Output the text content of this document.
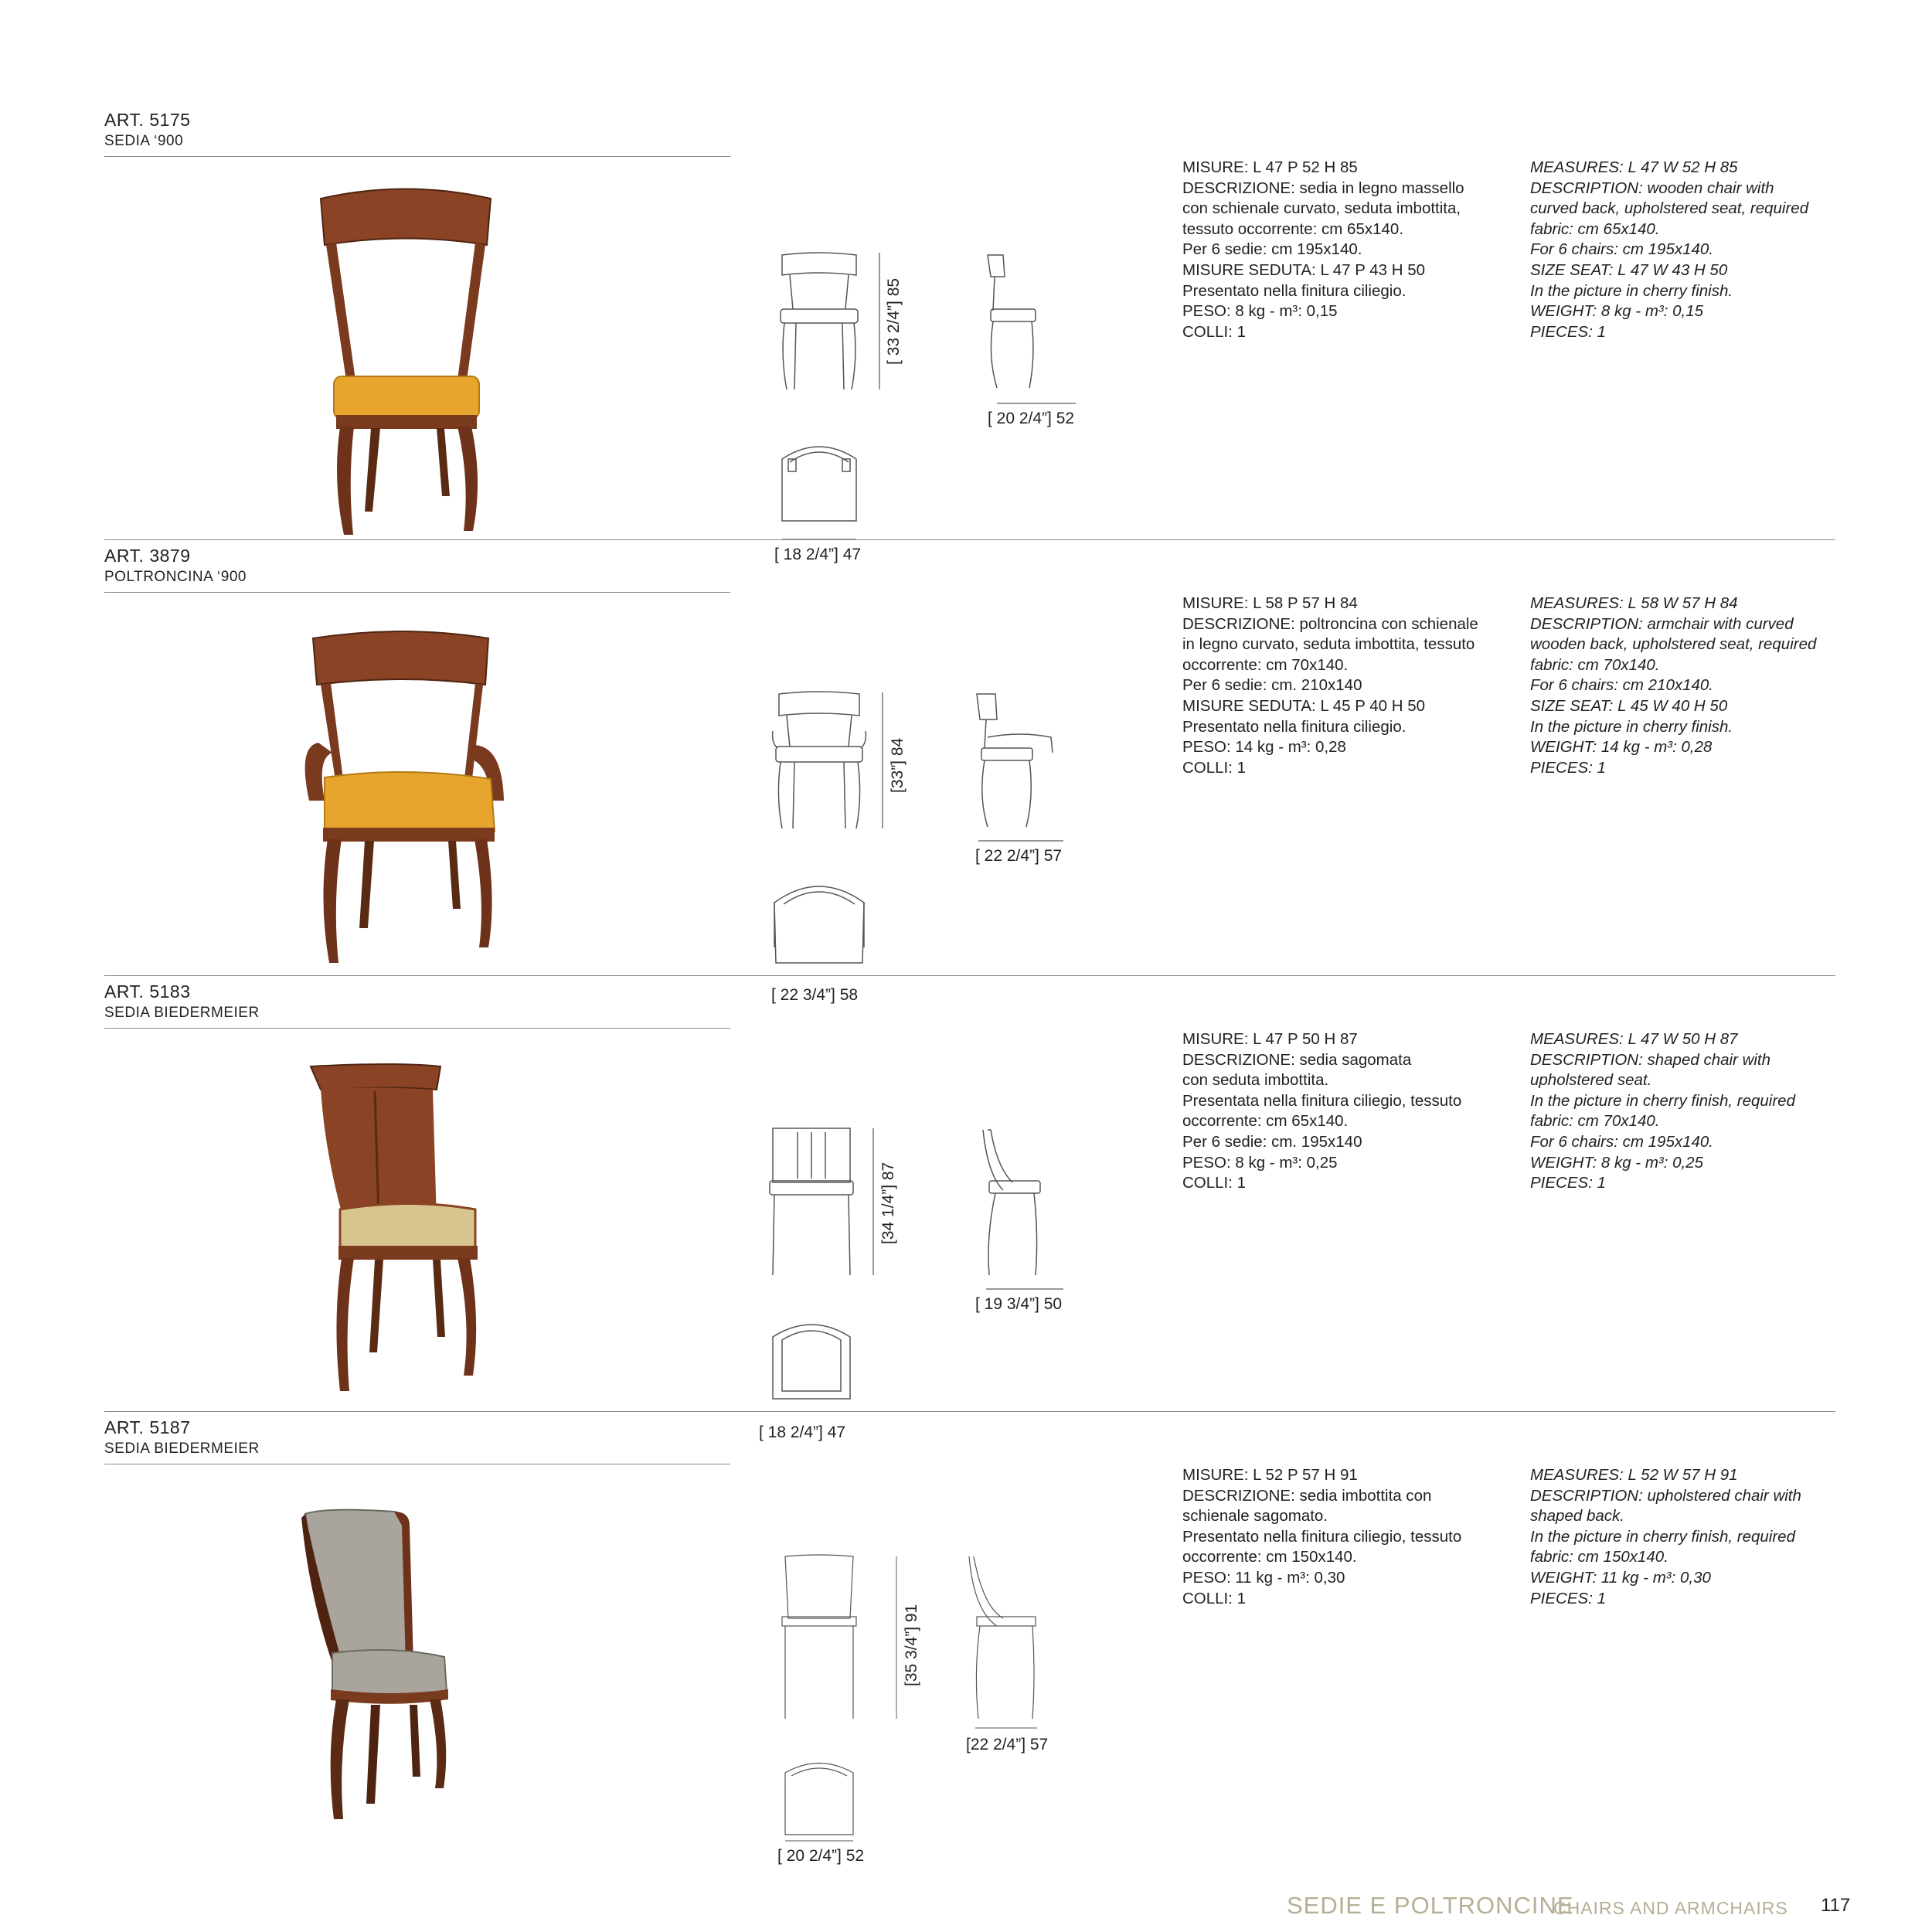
ART. 5175
SEDIA ‘900
[ 33 2/4”] 85
[ 20 2/4”] 52
[ 18 2/4”] 47
MISURE: L 47 P 52 H 85
DESCRIZIONE: sedia in legno massello
con schienale curvato, seduta imbottita,
tessuto occorrente: cm 65x140.
Per 6 sedie: cm 195x140.
MISURE SEDUTA: L 47 P 43 H 50
Presentato nella finitura ciliegio.
PESO: 8 kg - m³: 0,15
COLLI: 1
MEASURES: L 47 W 52 H 85
DESCRIPTION: wooden chair with
curved back, upholstered seat, required
fabric: cm 65x140.
For 6 chairs: cm 195x140.
SIZE SEAT: L 47 W 43 H 50
In the picture in cherry finish.
WEIGHT: 8 kg - m³: 0,15
PIECES: 1
ART. 3879
POLTRONCINA ‘900
[33”] 84
[ 22 2/4”] 57
[ 22 3/4”] 58
MISURE: L 58 P 57 H 84
DESCRIZIONE: poltroncina con schienale
in legno curvato, seduta imbottita, tessuto
occorrente: cm 70x140.
Per 6 sedie: cm. 210x140
MISURE SEDUTA: L 45 P 40 H 50
Presentato nella finitura ciliegio.
PESO: 14 kg - m³: 0,28
COLLI: 1
MEASURES: L 58 W 57 H 84
DESCRIPTION: armchair with curved
wooden back, upholstered seat, required
fabric: cm 70x140.
For 6 chairs: cm 210x140.
SIZE SEAT: L 45 W 40 H 50
In the picture in cherry finish.
WEIGHT: 14 kg - m³: 0,28
PIECES: 1
ART. 5183
SEDIA BIEDERMEIER
[34 1/4”] 87
[ 19 3/4”] 50
[ 18 2/4”] 47
MISURE: L 47 P 50 H 87
DESCRIZIONE: sedia sagomata
con seduta imbottita.
Presentata nella finitura ciliegio, tessuto
occorrente: cm 65x140.
Per 6 sedie: cm. 195x140
PESO: 8 kg - m³: 0,25
COLLI: 1
MEASURES: L 47 W 50 H 87
DESCRIPTION: shaped chair with
upholstered seat.
In the picture in cherry finish, required
fabric: cm 70x140.
For 6 chairs: cm 195x140.
WEIGHT: 8 kg - m³: 0,25
PIECES: 1
ART. 5187
SEDIA BIEDERMEIER
[35 3/4”] 91
[22 2/4”] 57
[ 20 2/4”] 52
MISURE: L 52 P 57 H 91
DESCRIZIONE: sedia imbottita con
schienale sagomato.
Presentato nella finitura ciliegio, tessuto
occorrente: cm 150x140.
PESO: 11 kg - m³: 0,30
COLLI: 1
MEASURES: L 52 W 57 H 91
DESCRIPTION: upholstered chair with
shaped back.
In the picture in cherry finish, required
fabric: cm 150x140.
WEIGHT: 11 kg - m³: 0,30
PIECES: 1
SEDIE E POLTRONCINE
CHAIRS AND ARMCHAIRS 117
